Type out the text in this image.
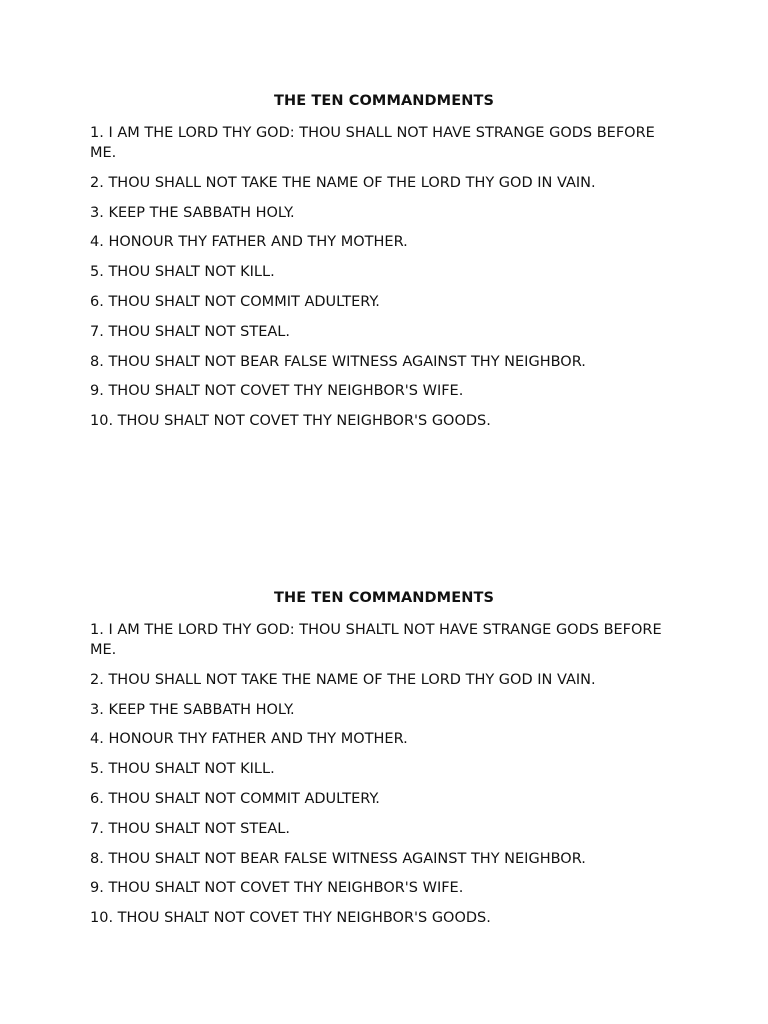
THE TEN COMMANDMENTS
1. I AM THE LORD THY GOD: THOU SHALL NOT HAVE STRANGE GODS BEFORE ME.
2. THOU SHALL NOT TAKE THE NAME OF THE LORD THY GOD IN VAIN.
3. KEEP THE SABBATH HOLY.
4. HONOUR THY FATHER AND THY MOTHER.
5. THOU SHALT NOT KILL.
6. THOU SHALT NOT COMMIT ADULTERY.
7. THOU SHALT NOT STEAL.
8. THOU SHALT NOT BEAR FALSE WITNESS AGAINST THY NEIGHBOR.
9. THOU SHALT NOT COVET THY NEIGHBOR'S WIFE.
10. THOU SHALT NOT COVET THY NEIGHBOR'S GOODS.
THE TEN COMMANDMENTS
1. I AM THE LORD THY GOD: THOU SHALTL NOT HAVE STRANGE GODS BEFORE ME.
2. THOU SHALL NOT TAKE THE NAME OF THE LORD THY GOD IN VAIN.
3. KEEP THE SABBATH HOLY.
4. HONOUR THY FATHER AND THY MOTHER.
5. THOU SHALT NOT KILL.
6. THOU SHALT NOT COMMIT ADULTERY.
7. THOU SHALT NOT STEAL.
8. THOU SHALT NOT BEAR FALSE WITNESS AGAINST THY NEIGHBOR.
9. THOU SHALT NOT COVET THY NEIGHBOR'S WIFE.
10. THOU SHALT NOT COVET THY NEIGHBOR'S GOODS.
